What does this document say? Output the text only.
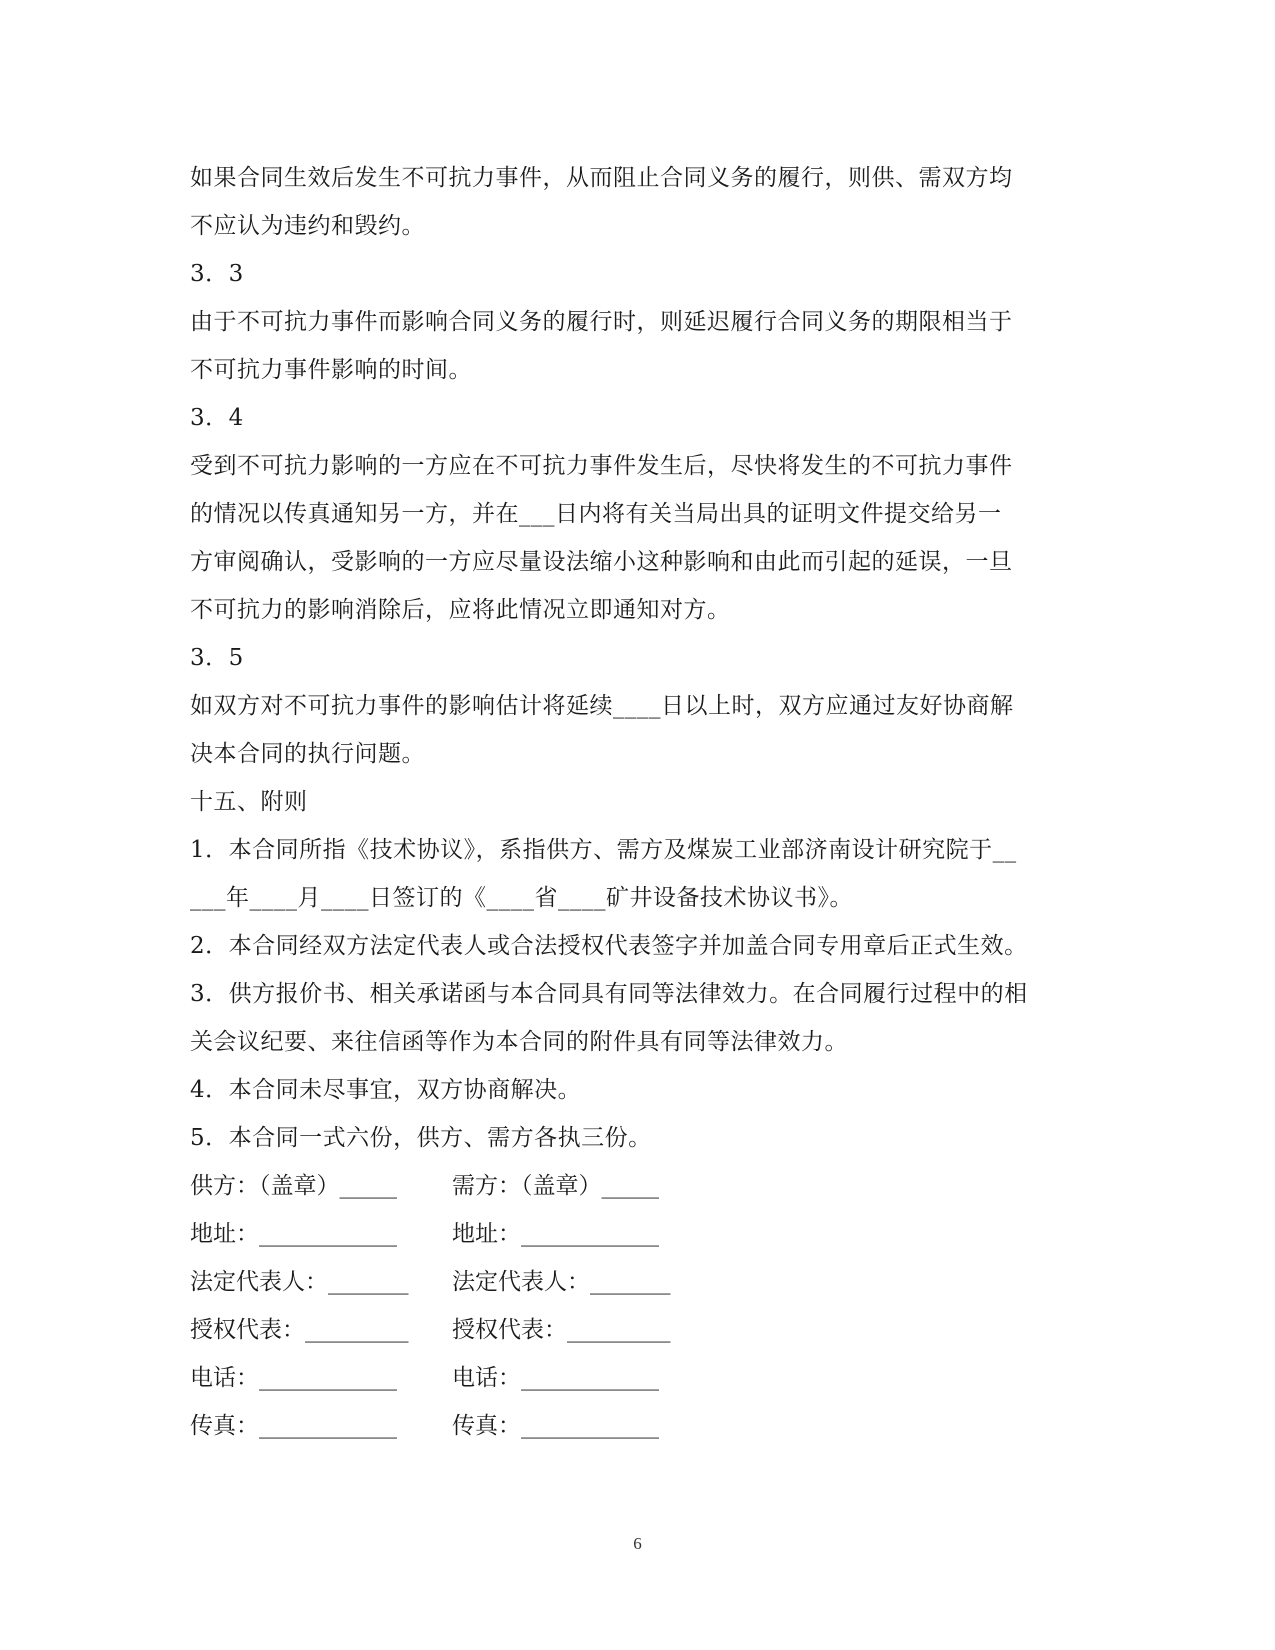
如果合同生效后发生不可抗力事件，从而阻止合同义务的履行，则供、需双方均
不应认为违约和毁约。
3．3
由于不可抗力事件而影响合同义务的履行时，则延迟履行合同义务的期限相当于
不可抗力事件影响的时间。
3．4
受到不可抗力影响的一方应在不可抗力事件发生后，尽快将发生的不可抗力事件
的情况以传真通知另一方，并在___日内将有关当局出具的证明文件提交给另一
方审阅确认，受影响的一方应尽量设法缩小这种影响和由此而引起的延误，一旦
不可抗力的影响消除后，应将此情况立即通知对方。
3．5
如双方对不可抗力事件的影响估计将延续____日以上时，双方应通过友好协商解
决本合同的执行问题。
十五、附则
1．本合同所指《技术协议》，系指供方、需方及煤炭工业部济南设计研究院于__
___年____月____日签订的《____省____矿井设备技术协议书》。
2．本合同经双方法定代表人或合法授权代表签字并加盖合同专用章后正式生效。
3．供方报价书、相关承诺函与本合同具有同等法律效力。在合同履行过程中的相
关会议纪要、来往信函等作为本合同的附件具有同等法律效力。
4．本合同未尽事宜，双方协商解决。
5．本合同一式六份，供方、需方各执三份。
供方：（盖章）_____ 需方：（盖章）_____
地址：____________ 地址：____________
法定代表人：_______ 法定代表人：_______
授权代表：_________ 授权代表：_________
电话：____________ 电话：____________
传真：____________ 传真：____________
6
